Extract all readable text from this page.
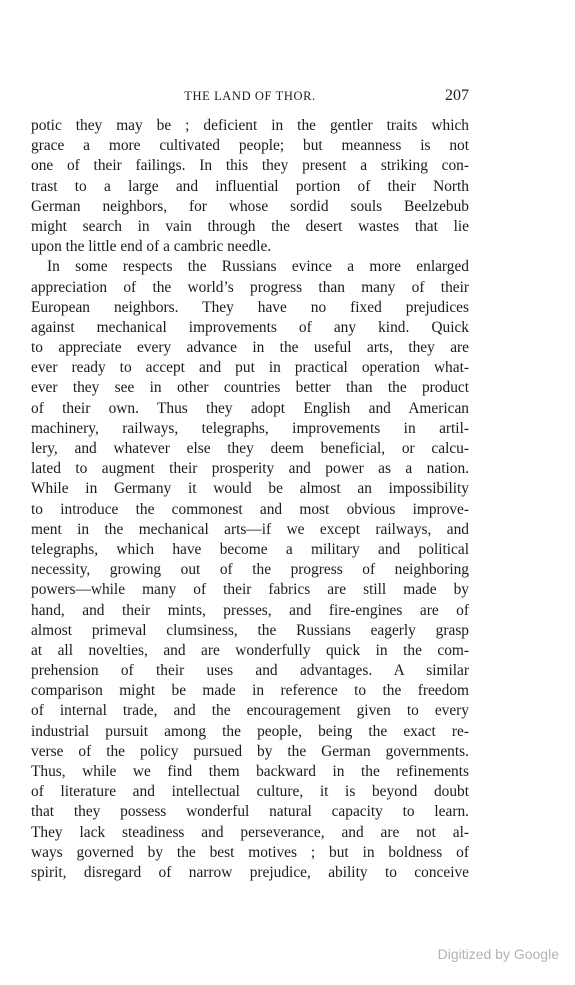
THE LAND OF THOR.	207
potic they may be ; deficient in the gentler traits which
grace a more cultivated people; but meanness is not
one of their failings. In this they present a striking con-
trast to a large and influential portion of their North
German neighbors, for whose sordid souls Beelzebub
might search in vain through the desert wastes that lie
upon the little end of a cambric needle.
In some respects the Russians evince a more enlarged
appreciation of the world’s progress than many of their
European neighbors. They have no fixed prejudices
against mechanical improvements of any kind. Quick
to appreciate every advance in the useful arts, they are
ever ready to accept and put in practical operation what-
ever they see in other countries better than the product
of their own. Thus they adopt English and American
machinery, railways, telegraphs, improvements in artil-
lery, and whatever else they deem beneficial, or calcu-
lated to augment their prosperity and power as a nation.
While in Germany it would be almost an impossibility
to introduce the commonest and most obvious improve-
ment in the mechanical arts—if we except railways, and
telegraphs, which have become a military and political
necessity, growing out of the progress of neighboring
powers—while many of their fabrics are still made by
hand, and their mints, presses, and fire-engines are of
almost primeval clumsiness, the Russians eagerly grasp
at all novelties, and are wonderfully quick in the com-
prehension of their uses and advantages. A similar
comparison might be made in reference to the freedom
of internal trade, and the encouragement given to every
industrial pursuit among the people, being the exact re-
verse of the policy pursued by the German governments.
Thus, while we find them backward in the refinements
of literature and intellectual culture, it is beyond doubt
that they possess wonderful natural capacity to learn.
They lack steadiness and perseverance, and are not al-
ways governed by the best motives ; but in boldness of
spirit, disregard of narrow prejudice, ability to conceive
Digitized by Google
